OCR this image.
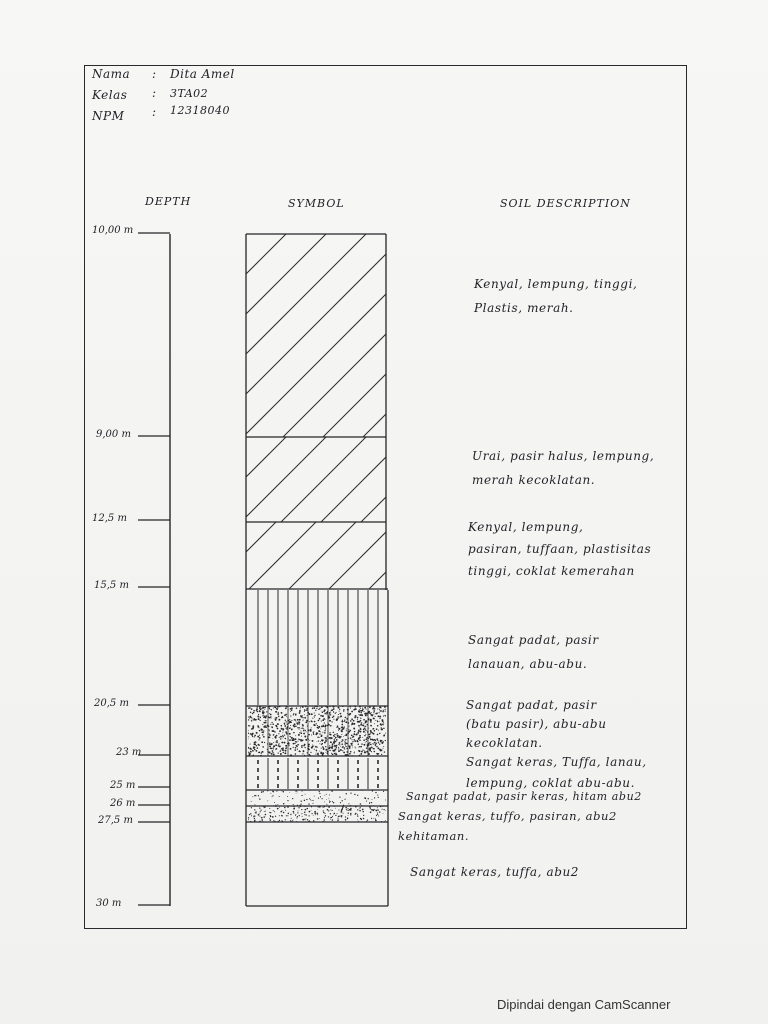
Nama : Dita Amel
Kelas : 3TA02
NPM : 12318040
DEPTH	SYMBOL	SOIL DESCRIPTION
10,00 m
9,00 m
12,5 m
15,5 m
20,5 m
23 m
25 m
26 m
27,5 m
30 m
Kenyal, lempung, tinggi,
Plastis, merah.
Urai, pasir halus, lempung,
merah kecoklatan.
Kenyal, lempung,
pasiran, tuffaan, plastisitas
tinggi, coklat kemerahan
Sangat padat, pasir
lanauan, abu-abu.
Sangat padat, pasir
(batu pasir), abu-abu
kecoklatan.
Sangat keras, Tuffa, lanau,
lempung, coklat abu-abu.
Sangat padat, pasir keras, hitam abu2
Sangat keras, tuffo, pasiran, abu2
kehitaman.
Sangat keras, tuffa, abu2
Dipindai dengan CamScanner
